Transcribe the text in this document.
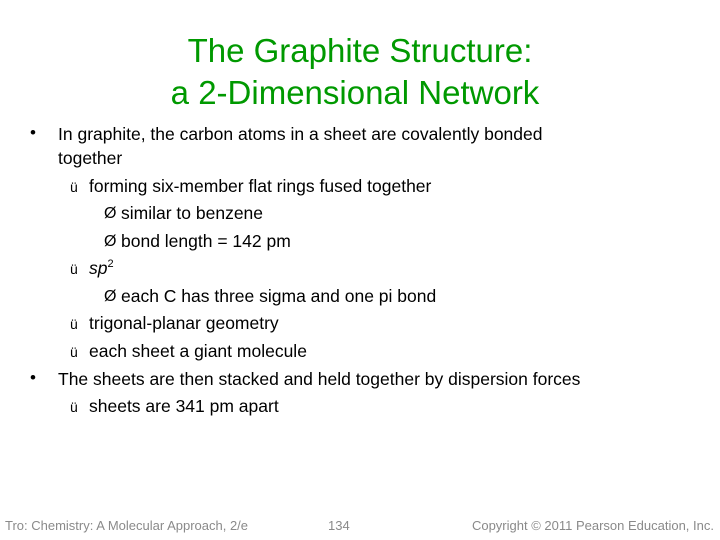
The Graphite Structure:
a 2-Dimensional Network
• In graphite, the carbon atoms in a sheet are covalently bonded
together
ü forming six-member flat rings fused together
Ø similar to benzene
Ø bond length = 142 pm
ü $sp^2$
Ø each C has three sigma and one pi bond
ü trigonal-planar geometry
ü each sheet a giant molecule
• The sheets are then stacked and held together by dispersion forces
ü sheets are 341 pm apart
Tro: Chemistry: A Molecular Approach, 2/e	134	Copyright © 2011 Pearson Education, Inc.
